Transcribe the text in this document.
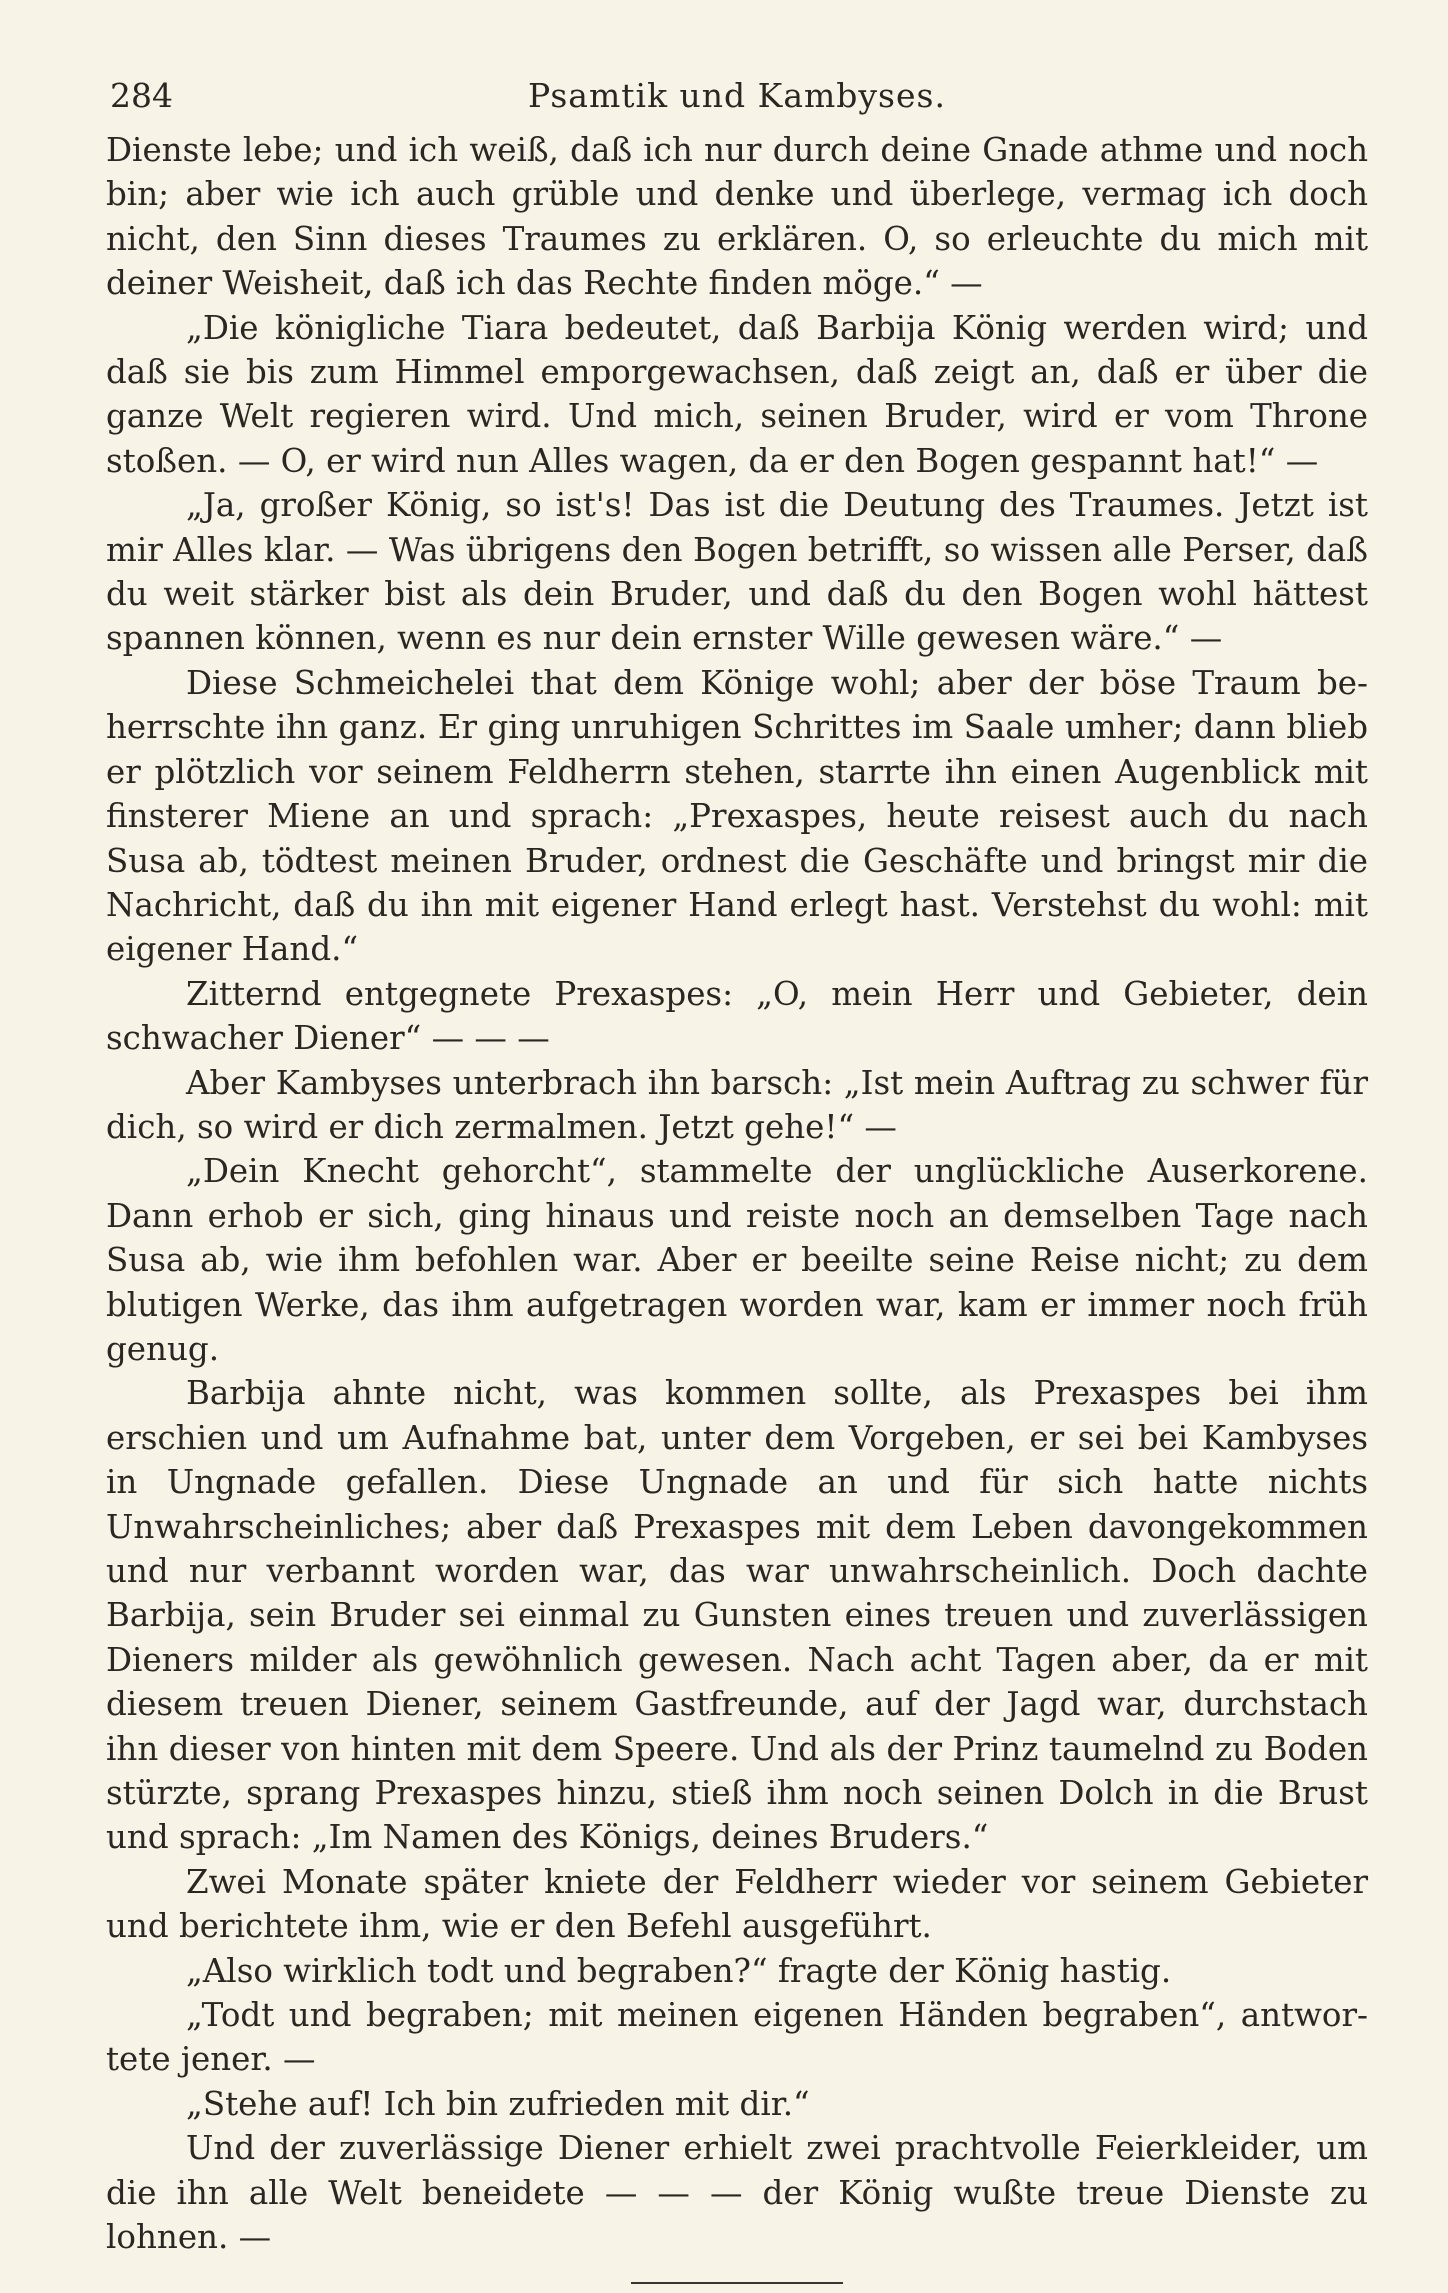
284	Psamtik und Kambyses.

Dienste lebe; und ich weiß, daß ich nur durch deine Gnade athme und noch bin; aber wie ich auch grüble und denke und überlege, vermag ich doch nicht, den Sinn dieses Traumes zu erklären. O, so erleuchte du mich mit deiner Weisheit, daß ich das Rechte finden möge.“ —

„Die königliche Tiara bedeutet, daß Barbija König werden wird; und daß sie bis zum Himmel emporgewachsen, daß zeigt an, daß er über die ganze Welt regieren wird. Und mich, seinen Bruder, wird er vom Throne stoßen. — O, er wird nun Alles wagen, da er den Bogen gespannt hat!“ —

„Ja, großer König, so ist's! Das ist die Deutung des Traumes. Jetzt ist mir Alles klar. — Was übrigens den Bogen betrifft, so wissen alle Perser, daß du weit stärker bist als dein Bruder, und daß du den Bogen wohl hättest spannen können, wenn es nur dein ernster Wille gewesen wäre.“ —

Diese Schmeichelei that dem Könige wohl; aber der böse Traum beherrschte ihn ganz. Er ging unruhigen Schrittes im Saale umher; dann blieb er plötzlich vor seinem Feldherrn stehen, starrte ihn einen Augenblick mit finsterer Miene an und sprach: „Prexaspes, heute reisest auch du nach Susa ab, tödtest meinen Bruder, ordnest die Geschäfte und bringst mir die Nachricht, daß du ihn mit eigener Hand erlegt hast. Verstehst du wohl: mit eigener Hand.“

Zitternd entgegnete Prexaspes: „O, mein Herr und Gebieter, dein schwacher Diener“ — — —

Aber Kambyses unterbrach ihn barsch: „Ist mein Auftrag zu schwer für dich, so wird er dich zermalmen. Jetzt gehe!“ —

„Dein Knecht gehorcht“, stammelte der unglückliche Auserkorene. Dann erhob er sich, ging hinaus und reiste noch an demselben Tage nach Susa ab, wie ihm befohlen war. Aber er beeilte seine Reise nicht; zu dem blutigen Werke, das ihm aufgetragen worden war, kam er immer noch früh genug.

Barbija ahnte nicht, was kommen sollte, als Prexaspes bei ihm erschien und um Aufnahme bat, unter dem Vorgeben, er sei bei Kambyses in Ungnade gefallen. Diese Ungnade an und für sich hatte nichts Unwahrscheinliches; aber daß Prexaspes mit dem Leben davongekommen und nur verbannt worden war, das war unwahrscheinlich. Doch dachte Barbija, sein Bruder sei einmal zu Gunsten eines treuen und zuverlässigen Dieners milder als gewöhnlich gewesen. Nach acht Tagen aber, da er mit diesem treuen Diener, seinem Gastfreunde, auf der Jagd war, durchstach ihn dieser von hinten mit dem Speere. Und als der Prinz taumelnd zu Boden stürzte, sprang Prexaspes hinzu, stieß ihm noch seinen Dolch in die Brust und sprach: „Im Namen des Königs, deines Bruders.“

Zwei Monate später kniete der Feldherr wieder vor seinem Gebieter und berichtete ihm, wie er den Befehl ausgeführt.

„Also wirklich todt und begraben?“ fragte der König hastig.

„Todt und begraben; mit meinen eigenen Händen begraben“, antwortete jener. —

„Stehe auf! Ich bin zufrieden mit dir.“

Und der zuverlässige Diener erhielt zwei prachtvolle Feierkleider, um die ihn alle Welt beneidete — — — der König wußte treue Dienste zu lohnen. —
